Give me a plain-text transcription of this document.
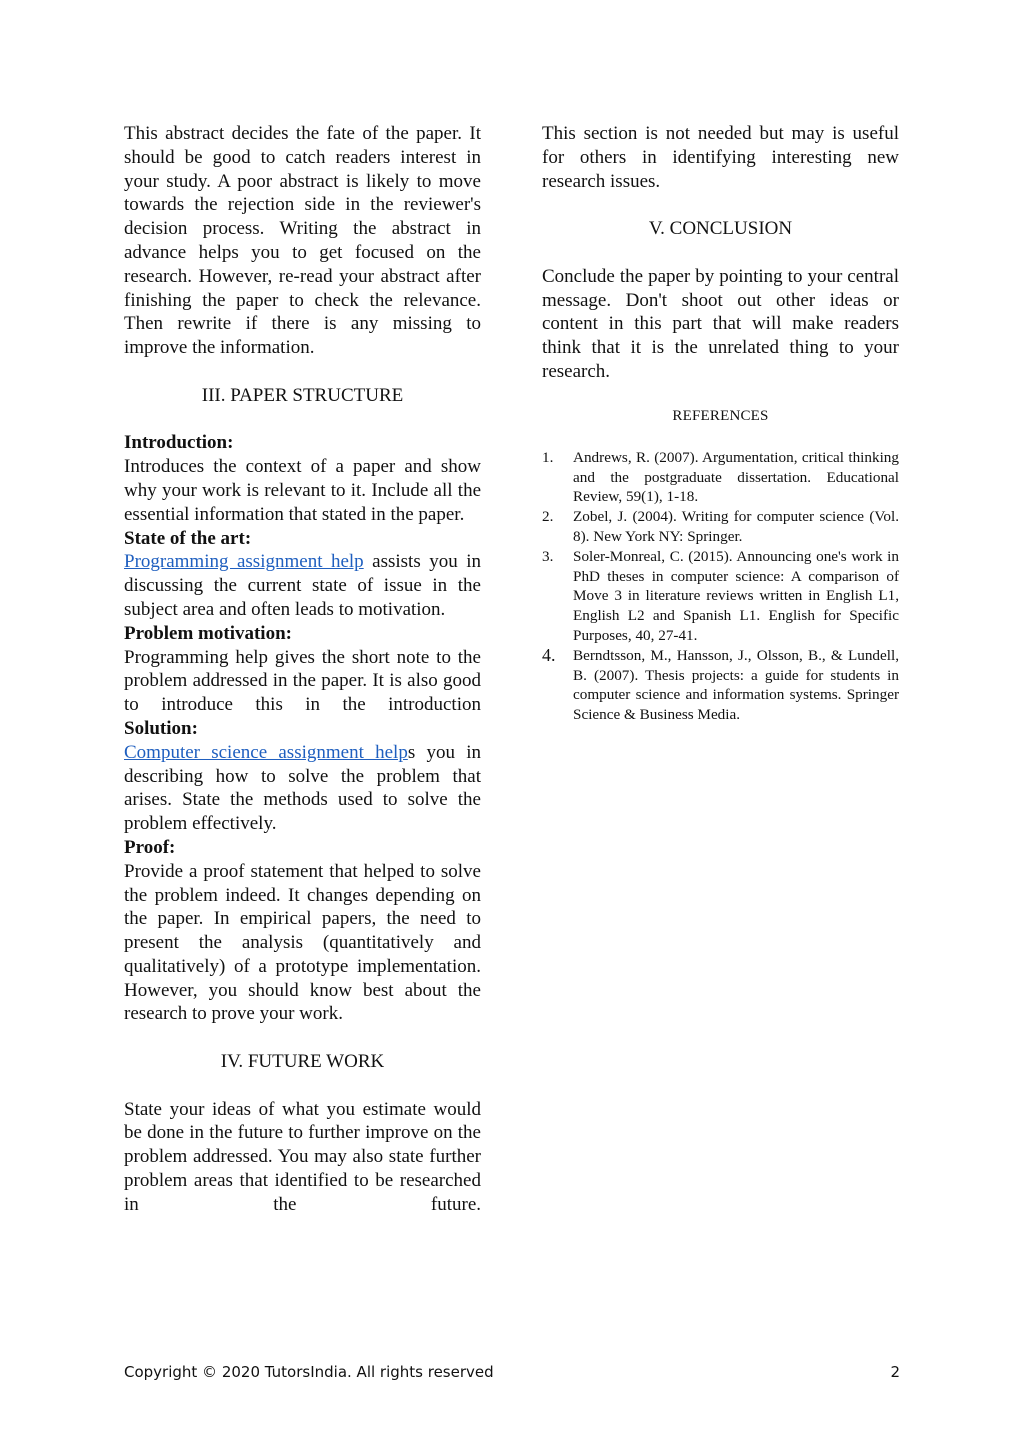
This abstract decides the fate of the paper. It should be good to catch readers interest in your study. A poor abstract is likely to move towards the rejection side in the reviewer's decision process. Writing the abstract in advance helps you to get focused on the research. However, re-read your abstract after finishing the paper to check the relevance. Then rewrite if there is any missing to improve the information.

III. PAPER STRUCTURE

Introduction:

Introduces the context of a paper and show why your work is relevant to it. Include all the essential information that stated in the paper.

State of the art:

Programming assignment help assists you in discussing the current state of issue in the subject area and often leads to motivation.

Problem motivation:

Programming help gives the short note to the problem addressed in the paper. It is also good to introduce this in the introduction

Solution:

Computer science assignment helps you in describing how to solve the problem that arises. State the methods used to solve the problem effectively.

Proof:

Provide a proof statement that helped to solve the problem indeed. It changes depending on the paper. In empirical papers, the need to present the analysis (quantitatively and qualitatively) of a prototype implementation. However, you should know best about the research to prove your work.

IV. FUTURE WORK

State your ideas of what you estimate would be done in the future to further improve on the problem addressed. You may also state further problem areas that identified to be researched in the future.

This section is not needed but may is useful for others in identifying interesting new research issues.

V. CONCLUSION

Conclude the paper by pointing to your central message. Don't shoot out other ideas or content in this part that will make readers think that it is the unrelated thing to your research.

REFERENCES

1. Andrews, R. (2007). Argumentation, critical thinking and the postgraduate dissertation. Educational Review, 59(1), 1-18.
2. Zobel, J. (2004). Writing for computer science (Vol. 8). New York NY: Springer.
3. Soler-Monreal, C. (2015). Announcing one's work in PhD theses in computer science: A comparison of Move 3 in literature reviews written in English L1, English L2 and Spanish L1. English for Specific Purposes, 40, 27-41.
4. Berndtsson, M., Hansson, J., Olsson, B., & Lundell, B. (2007). Thesis projects: a guide for students in computer science and information systems. Springer Science & Business Media.
Copyright © 2020 TutorsIndia. All rights reserved	2
